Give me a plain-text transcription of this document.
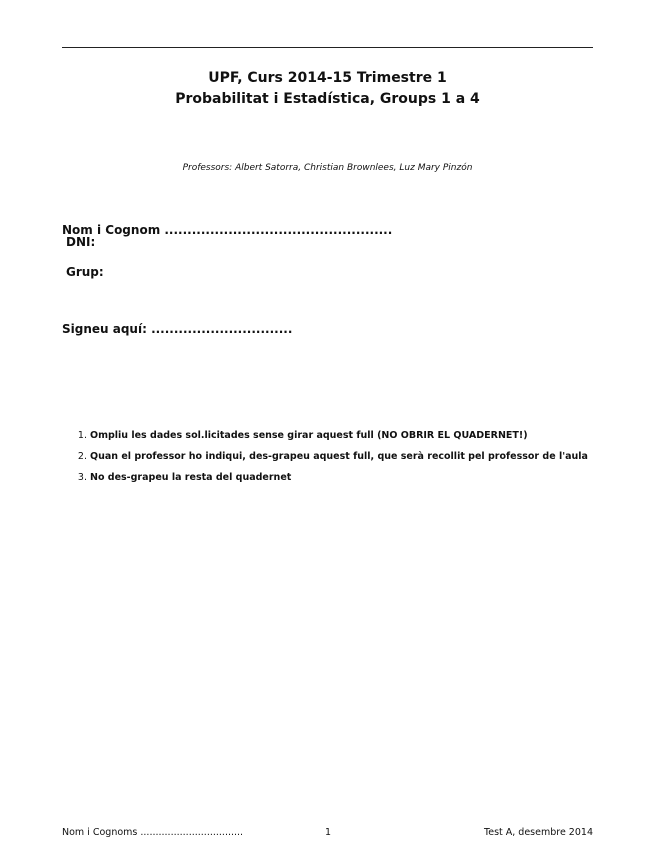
UPF, Curs 2014-15 Trimestre 1
Probabilitat i Estadística, Groups 1 a 4
Professors: Albert Satorra, Christian Brownlees, Luz Mary Pinzón
Nom i Cognom ..................................................
DNI:
Grup:
Signeu aquí: ...............................
1. Ompliu les dades sol.licitades sense girar aquest full (NO OBRIR EL QUADERNET!)
2. Quan el professor ho indiqui, des-grapeu aquest full, que serà recollit pel professor de l'aula
3. No des-grapeu la resta del quadernet
Nom i Cognoms ..................................	1	Test A, desembre 2014
